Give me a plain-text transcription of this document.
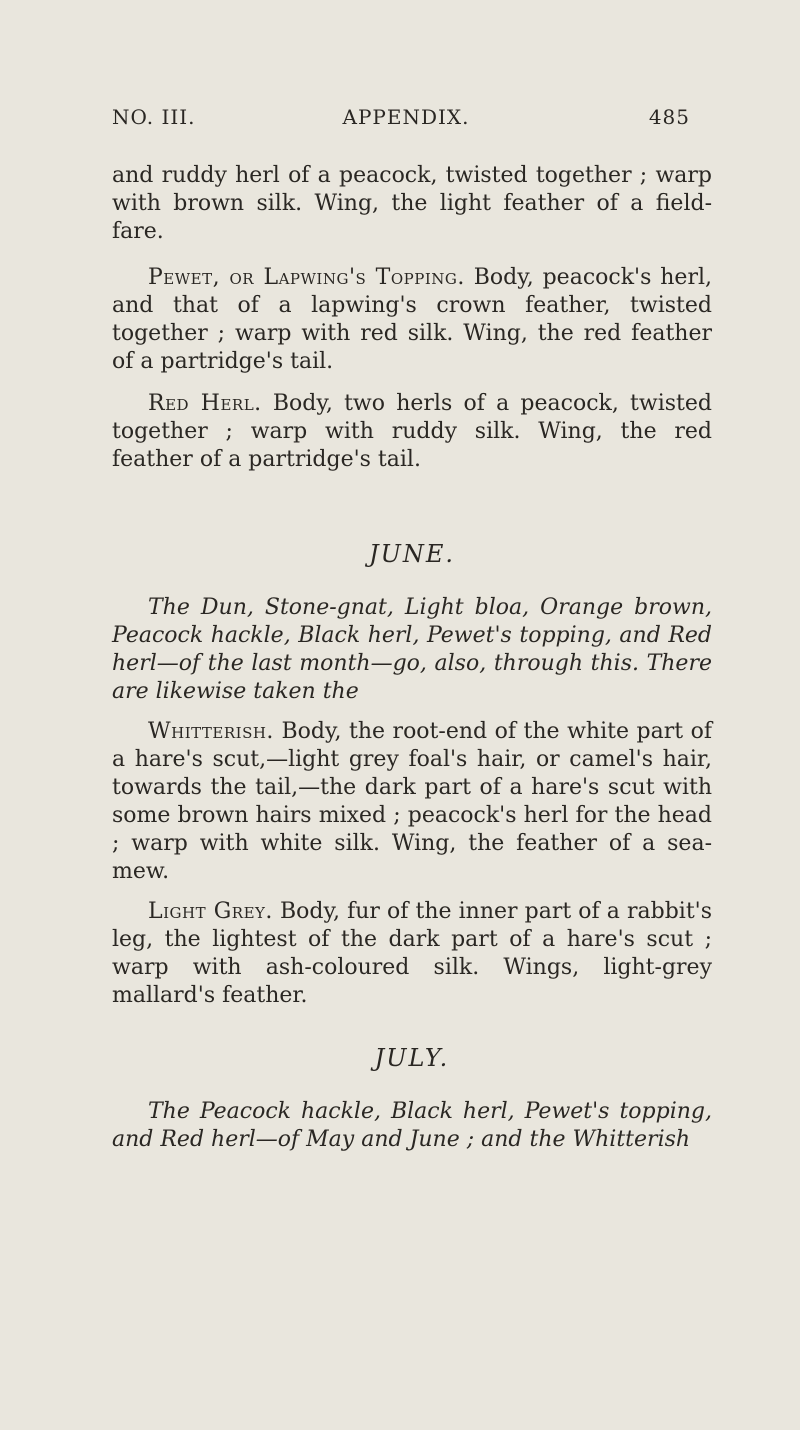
NO. III.	APPENDIX.	485

and ruddy herl of a peacock, twisted together ; warp with brown silk. Wing, the light feather of a field-fare.

Pewet, or Lapwing's Topping. Body, peacock's herl, and that of a lapwing's crown feather, twisted together ; warp with red silk. Wing, the red feather of a partridge's tail.

Red Herl. Body, two herls of a peacock, twisted together ; warp with ruddy silk. Wing, the red feather of a partridge's tail.

JUNE.

The Dun, Stone-gnat, Light bloa, Orange brown, Peacock hackle, Black herl, Pewet's topping, and Red herl—of the last month—go, also, through this. There are likewise taken the

Whitterish. Body, the root-end of the white part of a hare's scut,—light grey foal's hair, or camel's hair, towards the tail,—the dark part of a hare's scut with some brown hairs mixed ; peacock's herl for the head ; warp with white silk. Wing, the feather of a sea-mew.

Light Grey. Body, fur of the inner part of a rabbit's leg, the lightest of the dark part of a hare's scut ; warp with ash-coloured silk. Wings, light-grey mallard's feather.

JULY.

The Peacock hackle, Black herl, Pewet's topping, and Red herl—of May and June ; and the Whitterish
